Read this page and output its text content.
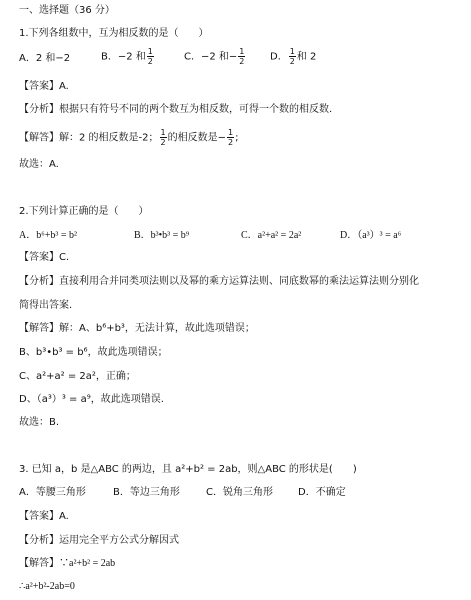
一、选择题（36 分）
1.下列各组数中，互为相反数的是（　　）
A．2 和−2	B．−2 和 $\frac{1}{2}$	C．−2 和− $\frac{1}{2}$ D． $\frac{1}{2}$ 和 2
【答案】A.
【分析】根据只有符号不同的两个数互为相反数，可得一个数的相反数.
【解答】解：2 的相反数是-2； $\frac{1}{2}$ 的相反数是− $\frac{1}{2}$ ;
故选：A.
2.下列计算正确的是（　　）
A．b⁶+b³ = b²	B．b³•b³ = b⁹	C．a²+a² = 2a²	D．（a³）³ = a⁶
【答案】C.
【分析】直接利用合并同类项法则以及幂的乘方运算法则、同底数幂的乘法运算法则分别化
简得出答案.
【解答】解：A、b⁶+b³，无法计算，故此选项错误；
B、b³•b³ = b⁶，故此选项错误；
C、a²+a² = 2a²，正确；
D、（a³）³ = a⁹，故此选项错误.
故选：B.
3. 已知 a，b 是△ABC 的两边，且 a²+b² = 2ab，则△ABC 的形状是(　　)
A．等腰三角形	B．等边三角形	C．锐角三角形	D．不确定
【答案】A.
【分析】运用完全平方公式分解因式
【解答】∵a²+b² = 2ab
∴a²+b²-2ab=0
